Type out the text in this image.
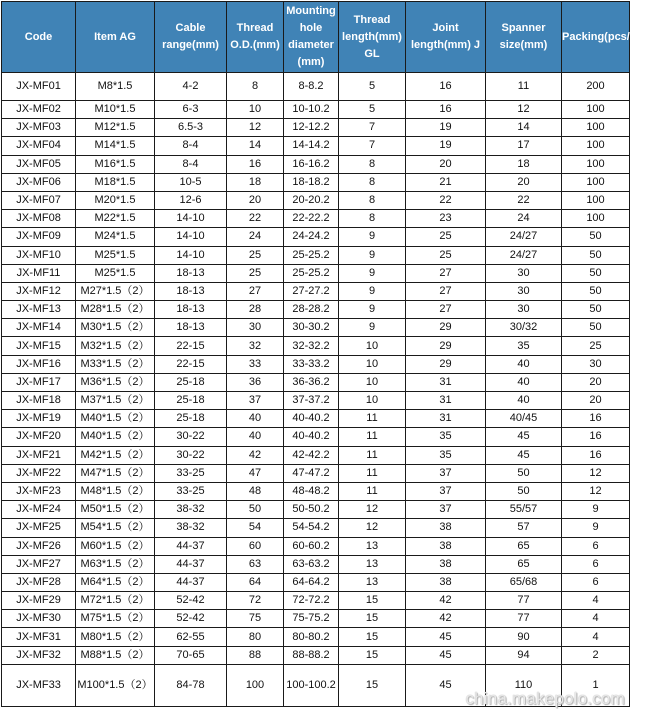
Code	Item AG	Cable range(mm)	Thread O.D.(mm)	Mounting hole diameter (mm)	Thread length(mm) GL	Joint length(mm) J	Spanner size(mm)	Packing(pcs/bag)
JX-MF01	M8*1.5	4-2	8	8-8.2	5	16	11	200
JX-MF02	M10*1.5	6-3	10	10-10.2	5	16	12	100
JX-MF03	M12*1.5	6.5-3	12	12-12.2	7	19	14	100
JX-MF04	M14*1.5	8-4	14	14-14.2	7	19	17	100
JX-MF05	M16*1.5	8-4	16	16-16.2	8	20	18	100
JX-MF06	M18*1.5	10-5	18	18-18.2	8	21	20	100
JX-MF07	M20*1.5	12-6	20	20-20.2	8	22	22	100
JX-MF08	M22*1.5	14-10	22	22-22.2	8	23	24	100
JX-MF09	M24*1.5	14-10	24	24-24.2	9	25	24/27	50
JX-MF10	M25*1.5	14-10	25	25-25.2	9	25	24/27	50
JX-MF11	M25*1.5	18-13	25	25-25.2	9	27	30	50
JX-MF12	M27*1.5（2）	18-13	27	27-27.2	9	27	30	50
JX-MF13	M28*1.5（2）	18-13	28	28-28.2	9	27	30	50
JX-MF14	M30*1.5（2）	18-13	30	30-30.2	9	29	30/32	50
JX-MF15	M32*1.5（2）	22-15	32	32-32.2	10	29	35	25
JX-MF16	M33*1.5（2）	22-15	33	33-33.2	10	29	40	30
JX-MF17	M36*1.5（2）	25-18	36	36-36.2	10	31	40	20
JX-MF18	M37*1.5（2）	25-18	37	37-37.2	10	31	40	20
JX-MF19	M40*1.5（2）	25-18	40	40-40.2	11	31	40/45	16
JX-MF20	M40*1.5（2）	30-22	40	40-40.2	11	35	45	16
JX-MF21	M42*1.5（2）	30-22	42	42-42.2	11	35	45	16
JX-MF22	M47*1.5（2）	33-25	47	47-47.2	11	37	50	12
JX-MF23	M48*1.5（2）	33-25	48	48-48.2	11	37	50	12
JX-MF24	M50*1.5（2）	38-32	50	50-50.2	12	37	55/57	9
JX-MF25	M54*1.5（2）	38-32	54	54-54.2	12	38	57	9
JX-MF26	M60*1.5（2）	44-37	60	60-60.2	13	38	65	6
JX-MF27	M63*1.5（2）	44-37	63	63-63.2	13	38	65	6
JX-MF28	M64*1.5（2）	44-37	64	64-64.2	13	38	65/68	6
JX-MF29	M72*1.5（2）	52-42	72	72-72.2	15	42	77	4
JX-MF30	M75*1.5（2）	52-42	75	75-75.2	15	42	77	4
JX-MF31	M80*1.5（2）	62-55	80	80-80.2	15	45	90	4
JX-MF32	M88*1.5（2）	70-65	88	88-88.2	15	45	94	2
JX-MF33	M100*1.5（2）	84-78	100	100-100.2	15	45	110	1
china.makepolo.com
